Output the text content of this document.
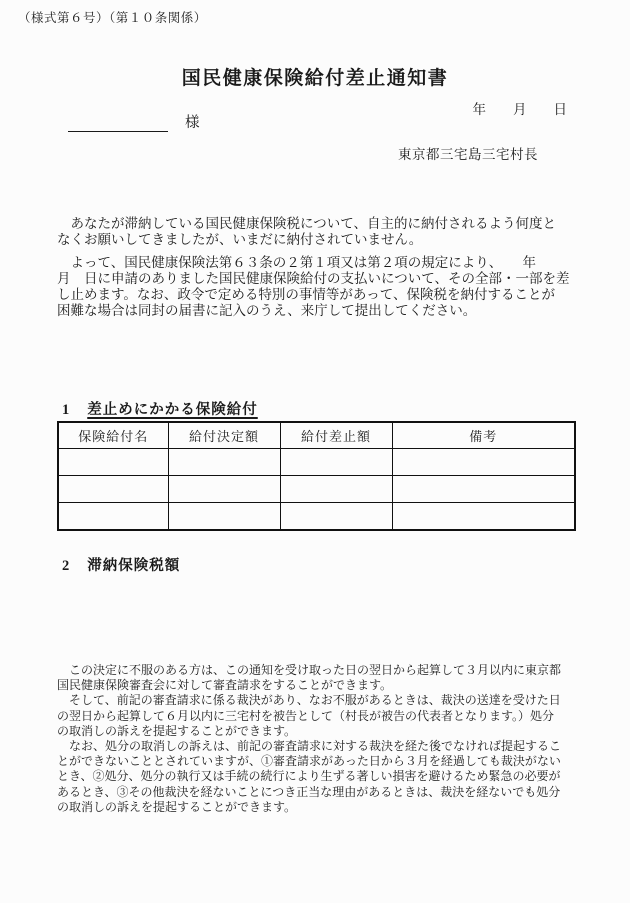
（様式第６号）（第１０条関係）
国民健康保険給付差止通知書
年　　月　　日
様
東京都三宅島三宅村長
　あなたが滞納している国民健康保険税について、自主的に納付されるよう何度と
なくお願いしてきましたが、いまだに納付されていません。
　よって、国民健康保険法第６３条の２第１項又は第２項の規定により、　　年
月　日に申請のありました国民健康保険給付の支払いについて、その全部・一部を差
し止めます。なお、政令で定める特別の事情等があって、保険税を納付することが
困難な場合は同封の届書に記入のうえ、来庁して提出してください。
1 差止めにかかる保険給付
保険給付名	給付決定額	給付差止額	備考

2 滞納保険税額
　この決定に不服のある方は、この通知を受け取った日の翌日から起算して３月以内に東京都
国民健康保険審査会に対して審査請求をすることができます。
　そして、前記の審査請求に係る裁決があり、なお不服があるときは、裁決の送達を受けた日
の翌日から起算して６月以内に三宅村を被告として（村長が被告の代表者となります。）処分
の取消しの訴えを提起することができます。
　なお、処分の取消しの訴えは、前記の審査請求に対する裁決を経た後でなければ提起するこ
とができないこととされていますが、①審査請求があった日から３月を経過しても裁決がない
とき、②処分、処分の執行又は手続の続行により生ずる著しい損害を避けるため緊急の必要が
あるとき、③その他裁決を経ないことにつき正当な理由があるときは、裁決を経ないでも処分
の取消しの訴えを提起することができます。
